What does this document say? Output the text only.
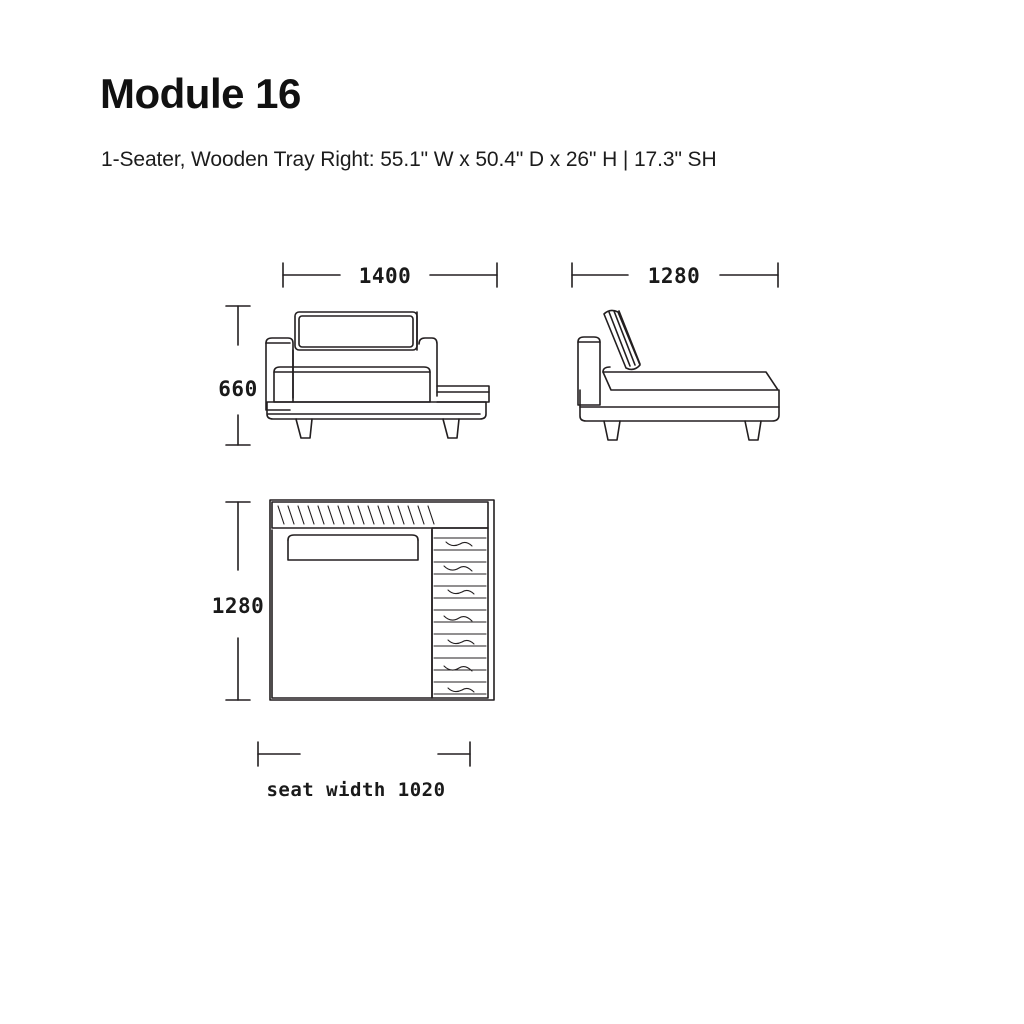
Module 16
1-Seater, Wooden Tray Right: 55.1" W x 50.4" D x 26" H | 17.3" SH
1400
660
1280
1280
seat width 1020
